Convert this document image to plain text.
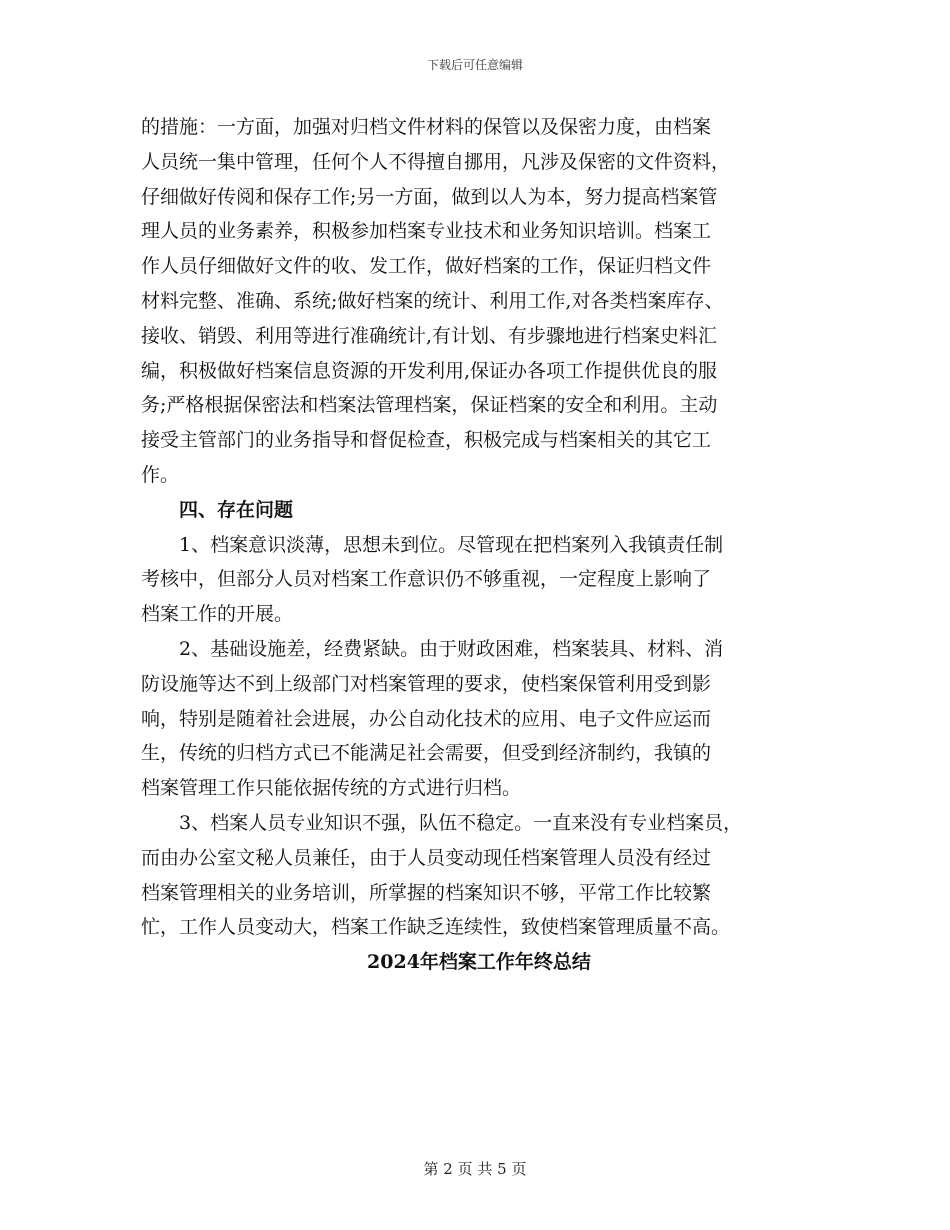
下载后可任意编辑
的措施：一方面，加强对归档文件材料的保管以及保密力度，由档案
人员统一集中管理，任何个人不得擅自挪用，凡涉及保密的文件资料，
仔细做好传阅和保存工作;另一方面，做到以人为本，努力提高档案管
理人员的业务素养，积极参加档案专业技术和业务知识培训。档案工
作人员仔细做好文件的收、发工作，做好档案的工作，保证归档文件
材料完整、准确、系统;做好档案的统计、利用工作,对各类档案库存、
接收、销毁、利用等进行准确统计,有计划、有步骤地进行档案史料汇
编，积极做好档案信息资源的开发利用,保证办各项工作提供优良的服
务;严格根据保密法和档案法管理档案，保证档案的安全和利用。主动
接受主管部门的业务指导和督促检查，积极完成与档案相关的其它工
作。
四、存在问题
1、档案意识淡薄，思想未到位。尽管现在把档案列入我镇责任制
考核中，但部分人员对档案工作意识仍不够重视，一定程度上影响了
档案工作的开展。
2、基础设施差，经费紧缺。由于财政困难，档案装具、材料、消
防设施等达不到上级部门对档案管理的要求，使档案保管利用受到影
响，特别是随着社会进展，办公自动化技术的应用、电子文件应运而
生，传统的归档方式已不能满足社会需要，但受到经济制约，我镇的
档案管理工作只能依据传统的方式进行归档。
3、档案人员专业知识不强，队伍不稳定。一直来没有专业档案员，
而由办公室文秘人员兼任，由于人员变动现任档案管理人员没有经过
档案管理相关的业务培训，所掌握的档案知识不够，平常工作比较繁
忙，工作人员变动大，档案工作缺乏连续性，致使档案管理质量不高。
2024年档案工作年终总结
第 2 页 共 5 页
